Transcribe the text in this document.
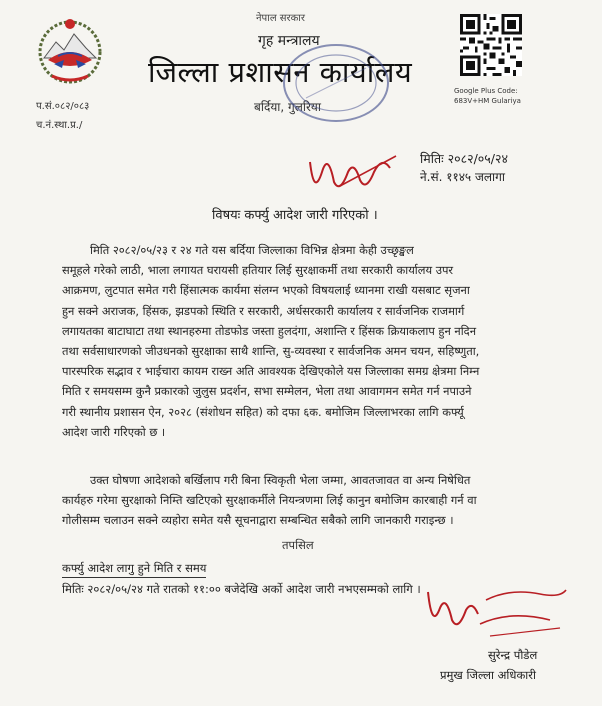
नेपाल सरकार
गृह मन्त्रालय
जिल्ला प्रशासन कार्यालय
बर्दिया, गुलरिया
प.सं.०८२/०८३
च.नं.स्था.प्र./
Google Plus Code:
683V+HM Gulariya
मितिः २०८२/०५/२४
ने.सं. ११४५ जलागा
विषयः कर्फ्यु आदेश जारी गरिएको ।
मिति २०८२/०५/२३ र २४ गते यस बर्दिया जिल्लाका विभिन्न क्षेत्रमा केही उच्छृङ्खल
समूहले गरेको लाठी, भाला लगायत घरायसी हतियार लिई सुरक्षाकर्मी तथा सरकारी कार्यालय उपर
आक्रमण, लुटपात समेत गरी हिंसात्मक कार्यमा संलग्न भएको विषयलाई ध्यानमा राखी यसबाट सृजना
हुन सक्ने अराजक, हिंसक, झडपको स्थिति र सरकारी, अर्धसरकारी कार्यालय र सार्वजनिक राजमार्ग
लगायतका बाटाघाटा तथा स्थानहरुमा तोडफोड जस्ता हुलदंगा, अशान्ति र हिंसक क्रियाकलाप हुन नदिन
तथा सर्वसाधारणको जीउधनको सुरक्षाका साथै शान्ति, सु-व्यवस्था र सार्वजनिक अमन चयन, सहिष्णुता,
पारस्परिक सद्भाव र भाईचारा कायम राख्न अति आवश्यक देखिएकोले यस जिल्लाका समग्र क्षेत्रमा निम्न
मिति र समयसम्म कुनै प्रकारको जुलुस प्रदर्शन, सभा सम्मेलन, भेला तथा आवागमन समेत गर्न नपाउने
गरी स्थानीय प्रशासन ऐन, २०२८ (संशोधन सहित) को दफा ६क. बमोजिम जिल्लाभरका लागि कर्फ्यू
आदेश जारी गरिएको छ ।
उक्त घोषणा आदेशको बर्खिलाप गरी बिना स्विकृती भेला जम्मा, आवतजावत वा अन्य निषेधित
कार्यहरु गरेमा सुरक्षाको निम्ति खटिएको सुरक्षाकर्मीले नियन्त्रणमा लिई कानुन बमोजिम कारबाही गर्न वा
गोलीसम्म चलाउन सक्ने व्यहोरा समेत यसै सूचनाद्वारा सम्बन्धित सबैको लागि जानकारी गराइन्छ ।
तपसिल
कर्फ्यु आदेश लागु हुने मिति र समय
मितिः २०८२/०५/२४ गते रातको ११:०० बजेदेखि अर्को आदेश जारी नभएसम्मको लागि ।
सुरेन्द्र पौडेल
प्रमुख जिल्ला अधिकारी
